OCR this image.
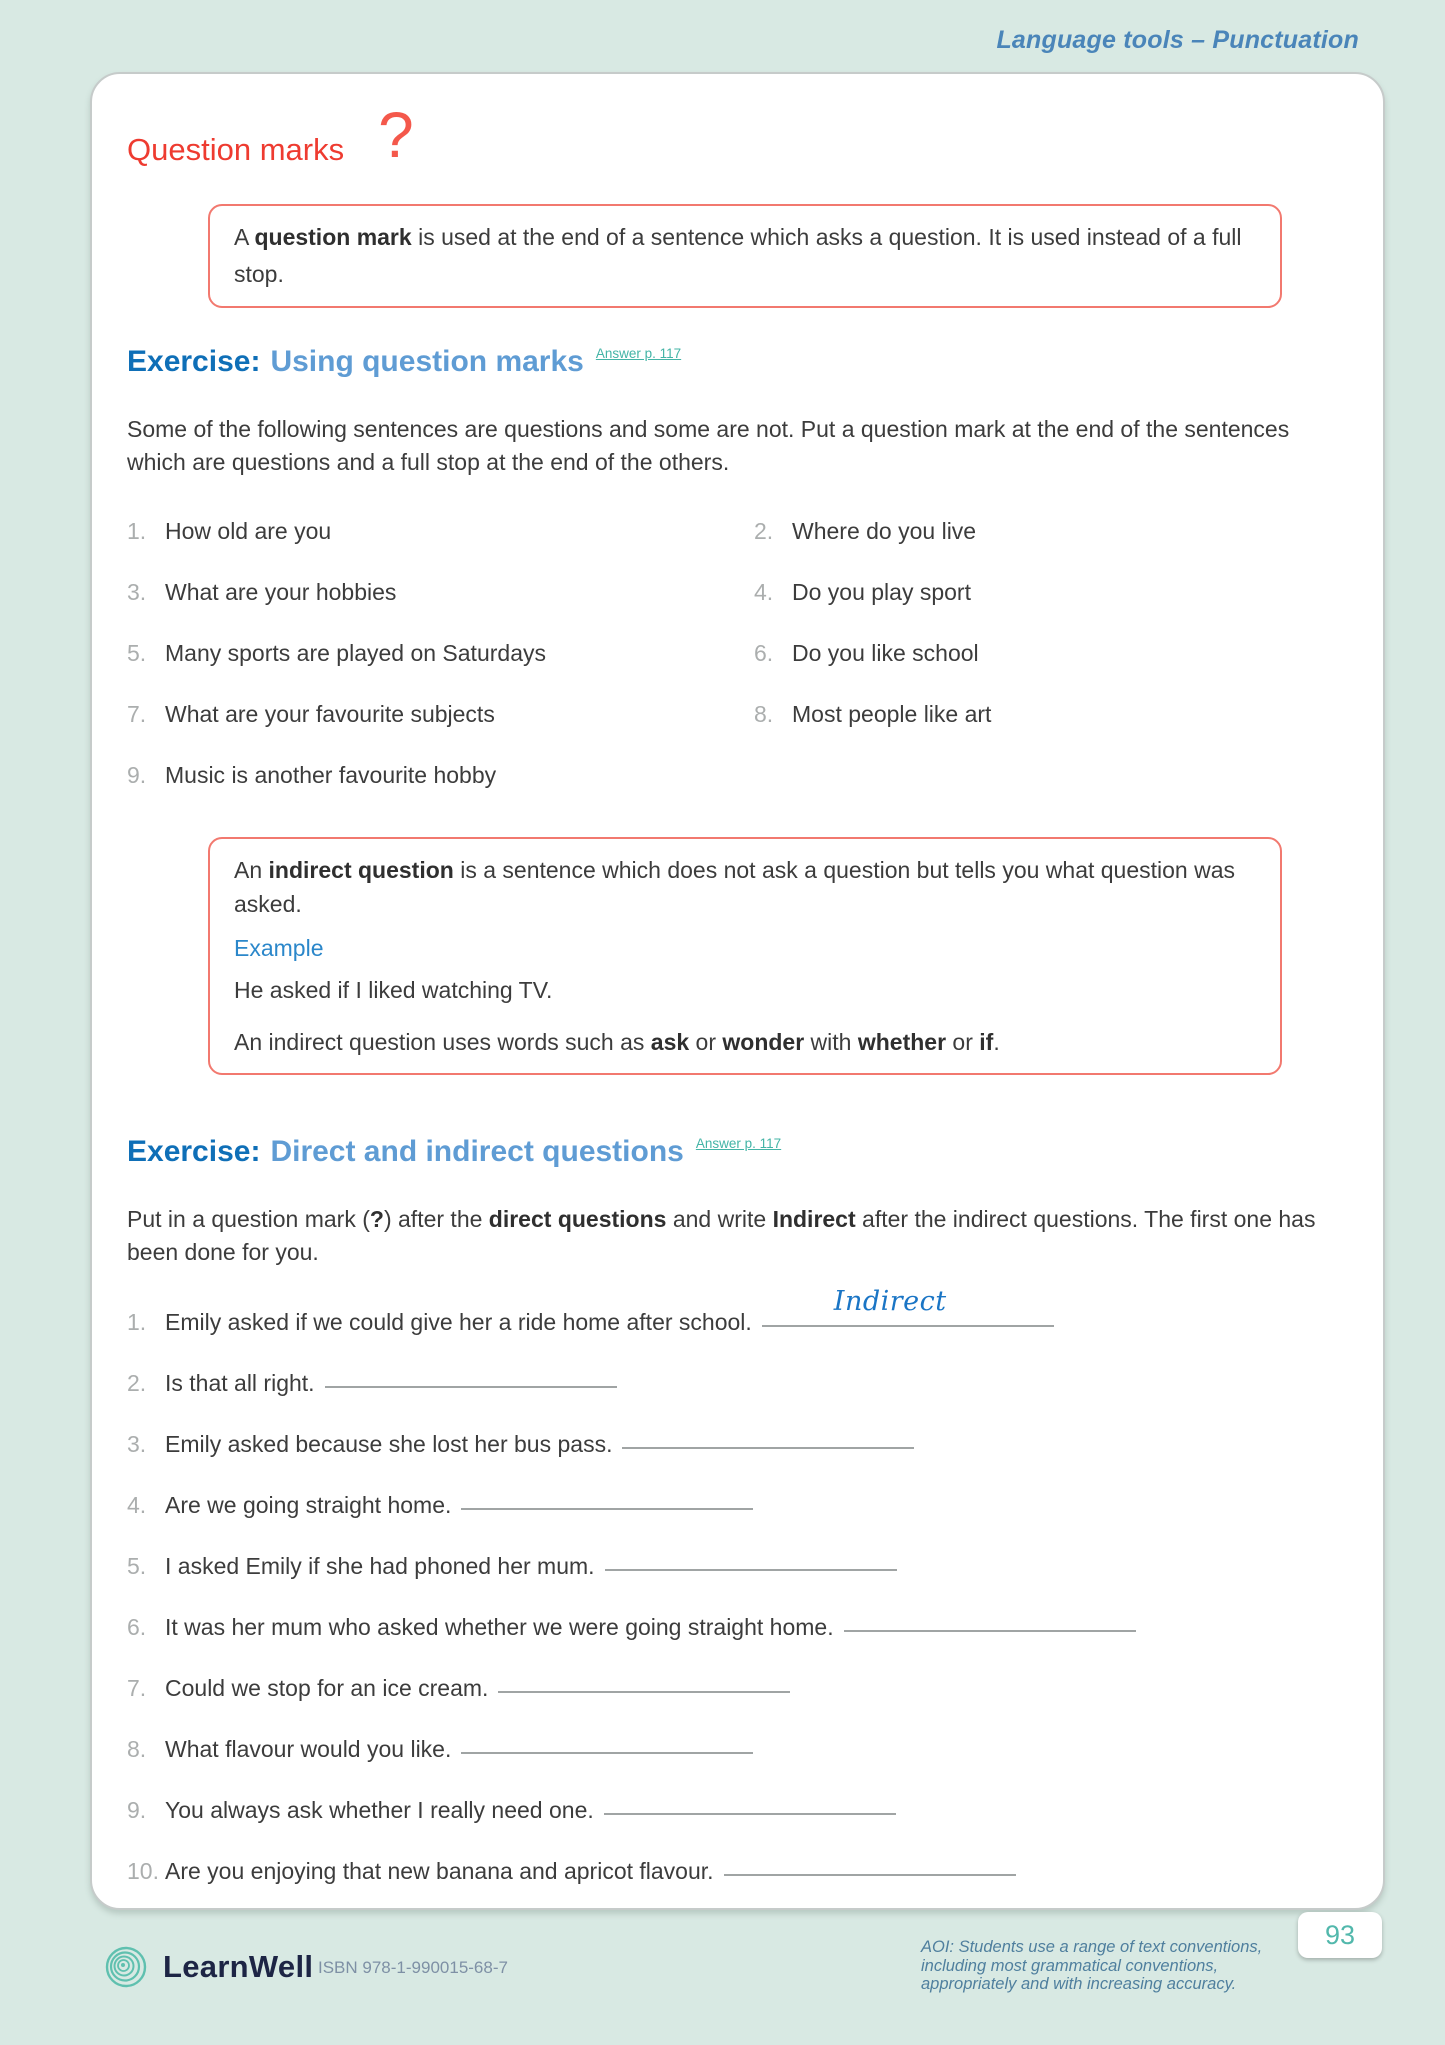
Language tools – Punctuation
Question marks ?
A question mark is used at the end of a sentence which asks a question. It is used instead of a full stop.
Exercise: Using question marks $^{Answer p. 117}$

Some of the following sentences are questions and some are not. Put a question mark at the end of the sentences which are questions and a full stop at the end of the others.

1. How old are you	2. Where do you live
3. What are your hobbies	4. Do you play sport
5. Many sports are played on Saturdays	6. Do you like school
7. What are your favourite subjects	8. Most people like art
9. Music is another favourite hobby
An indirect question is a sentence which does not ask a question but tells you what question was asked.
Example
He asked if I liked watching TV.
An indirect question uses words such as ask or wonder with whether or if.
Exercise: Direct and indirect questions $^{Answer p. 117}$

Put in a question mark (?) after the direct questions and write Indirect after the indirect questions. The first one has been done for you.

1. Emily asked if we could give her a ride home after school.
Indirect
2. Is that all right.
3. Emily asked because she lost her bus pass.
4. Are we going straight home.
5. I asked Emily if she had phoned her mum.
6. It was her mum who asked whether we were going straight home.
7. Could we stop for an ice cream.
8. What flavour would you like.
9. You always ask whether I really need one.
10. Are you enjoying that new banana and apricot flavour.
LearnWell ISBN 978-1-990015-68-7
AOI: Students use a range of text conventions,
including most grammatical conventions,
appropriately and with increasing accuracy.
93
